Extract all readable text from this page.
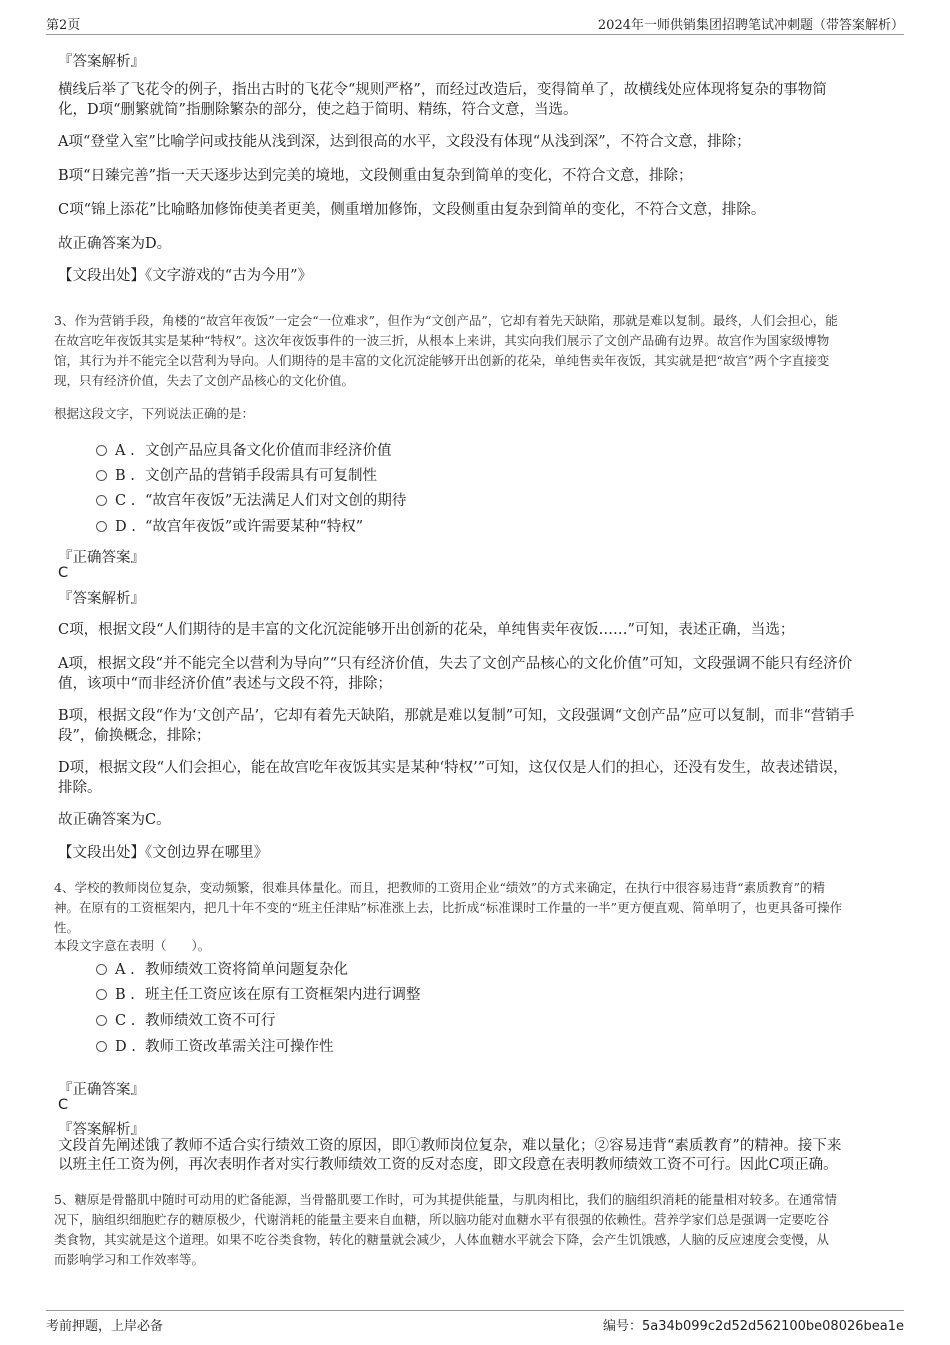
第2页	2024年一师供销集团招聘笔试冲刺题（带答案解析）
『答案解析』
横线后举了飞花令的例子，指出古时的飞花令“规则严格”，而经过改造后，变得简单了，故横线处应体现将复杂的事物简
化，D项“删繁就简”指删除繁杂的部分，使之趋于简明、精练，符合文意，当选。
A项“登堂入室”比喻学问或技能从浅到深，达到很高的水平，文段没有体现“从浅到深”，不符合文意，排除；
B项“日臻完善”指一天天逐步达到完美的境地，文段侧重由复杂到简单的变化，不符合文意，排除；
C项“锦上添花”比喻略加修饰使美者更美，侧重增加修饰，文段侧重由复杂到简单的变化，不符合文意，排除。
故正确答案为D。
【文段出处】《文字游戏的“古为今用”》
3、作为营销手段，角楼的“故宫年夜饭”一定会“一位难求”，但作为“文创产品”，它却有着先天缺陷，那就是难以复制。最终，人们会担心，能
在故宫吃年夜饭其实是某种“特权”。这次年夜饭事件的一波三折，从根本上来讲，其实向我们展示了文创产品确有边界。故宫作为国家级博物
馆，其行为并不能完全以营利为导向。人们期待的是丰富的文化沉淀能够开出创新的花朵，单纯售卖年夜饭，其实就是把“故宫”两个字直接变
现，只有经济价值，失去了文创产品核心的文化价值。
根据这段文字，下列说法正确的是：
A . 文创产品应具备文化价值而非经济价值
B . 文创产品的营销手段需具有可复制性
C . “故宫年夜饭”无法满足人们对文创的期待
D . “故宫年夜饭”或许需要某种“特权”
『正确答案』
C
『答案解析』
C项，根据文段“人们期待的是丰富的文化沉淀能够开出创新的花朵，单纯售卖年夜饭……”可知，表述正确，当选；
A项，根据文段“并不能完全以营利为导向”“只有经济价值，失去了文创产品核心的文化价值”可知，文段强调不能只有经济价
值，该项中“而非经济价值”表述与文段不符，排除；
B项，根据文段“作为‘文创产品’，它却有着先天缺陷，那就是难以复制”可知，文段强调“文创产品”应可以复制，而非“营销手
段”，偷换概念，排除；
D项，根据文段“人们会担心，能在故宫吃年夜饭其实是某种‘特权’”可知，这仅仅是人们的担心，还没有发生，故表述错误，
排除。
故正确答案为C。
【文段出处】《文创边界在哪里》
4、学校的教师岗位复杂，变动频繁，很难具体量化。而且，把教师的工资用企业“绩效”的方式来确定，在执行中很容易违背“素质教育”的精
神。在原有的工资框架内，把几十年不变的“班主任津贴”标准涨上去，比折成“标准课时工作量的一半”更方便直观、简单明了，也更具备可操作
性。
本段文字意在表明（　　）。
A . 教师绩效工资将简单问题复杂化
B . 班主任工资应该在原有工资框架内进行调整
C . 教师绩效工资不可行
D . 教师工资改革需关注可操作性
『正确答案』
C
『答案解析』
文段首先阐述饿了教师不适合实行绩效工资的原因，即①教师岗位复杂，难以量化；②容易违背“素质教育”的精神。接下来
以班主任工资为例，再次表明作者对实行教师绩效工资的反对态度，即文段意在表明教师绩效工资不可行。因此C项正确。
5、糖原是骨骼肌中随时可动用的贮备能源，当骨骼肌要工作时，可为其提供能量，与肌肉相比，我们的脑组织消耗的能量相对较多。在通常情
况下，脑组织细胞贮存的糖原极少，代谢消耗的能量主要来自血糖，所以脑功能对血糖水平有很强的依赖性。营养学家们总是强调一定要吃谷
类食物，其实就是这个道理。如果不吃谷类食物，转化的糖量就会减少，人体血糖水平就会下降，会产生饥饿感，人脑的反应速度会变慢，从
而影响学习和工作效率等。
考前押题，上岸必备	编号：5a34b099c2d52d562100be08026bea1e
